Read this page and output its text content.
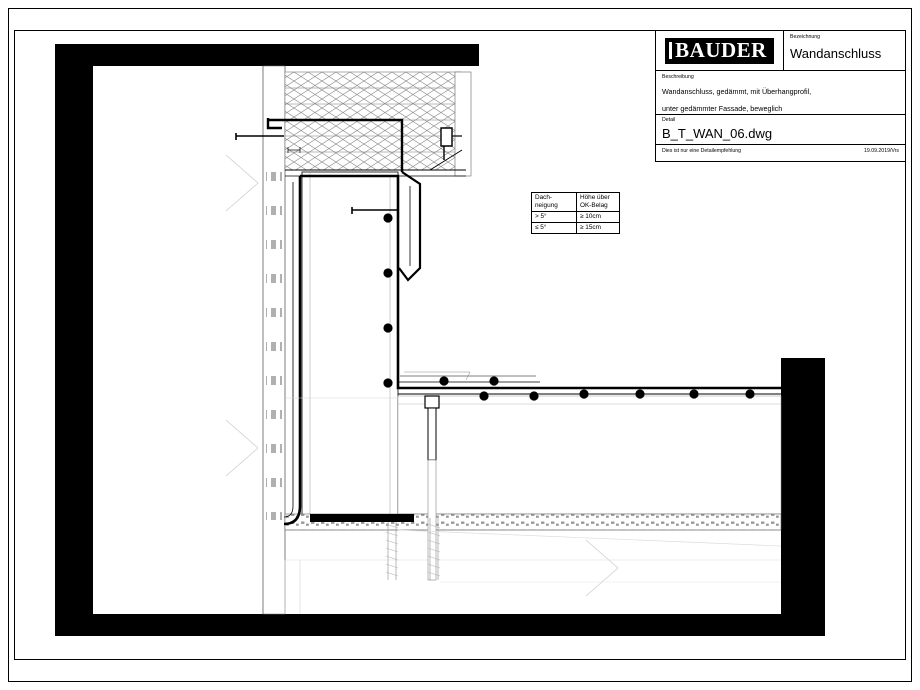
Dach-
neigung	Höhe über
OK-Belag
> 5°	≥ 10cm
≤ 5°	≥ 15cm
BAUDER
Bezeichnung
Wandanschluss
Beschreibung
Wandanschluss, gedämmt, mit Überhangprofil,
unter gedämmter Fassade, beweglich
Detail
B_T_WAN_06.dwg
Dies ist nur eine Detailempfehlung	19.09.2019/Vrs
